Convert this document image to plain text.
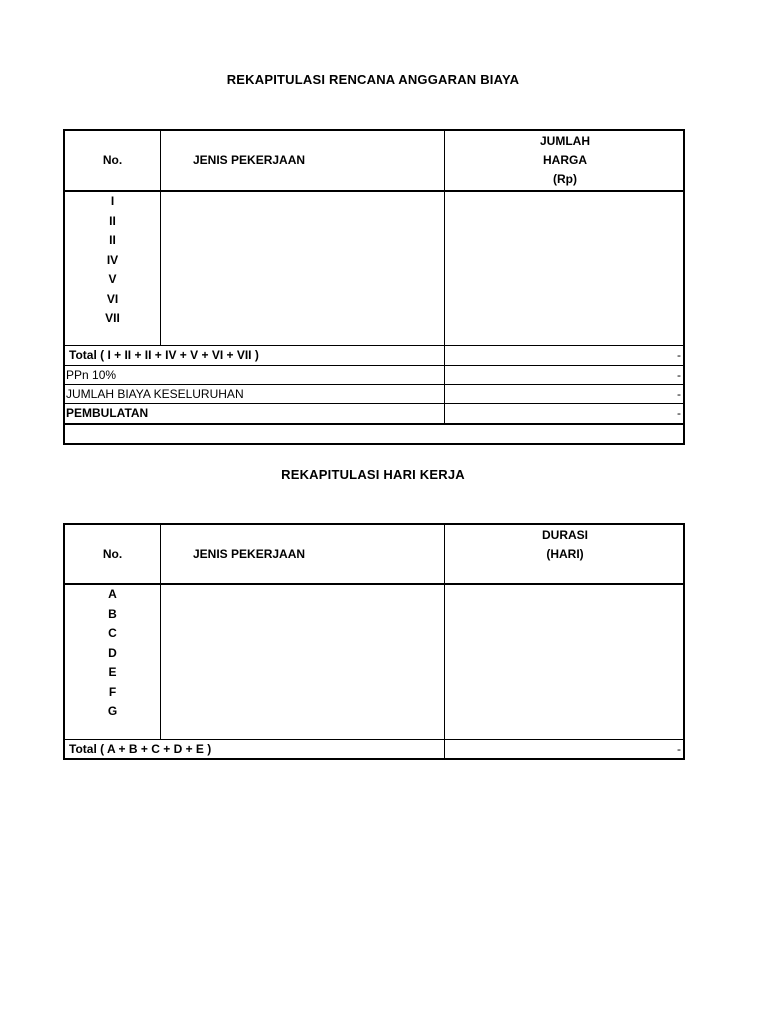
REKAPITULASI RENCANA ANGGARAN BIAYA
No.	JENIS PEKERJAAN
JUMLAH
HARGA
(Rp)
I
II
II
IV
V
VI
VII
Total ( I + II + II + IV + V + VI + VII )	-
PPn 10%	-
JUMLAH BIAYA KESELURUHAN	-
PEMBULATAN	-
REKAPITULASI HARI KERJA
No.	JENIS PEKERJAAN
DURASI
(HARI)
A
B
C
D
E
F
G
Total ( A + B + C + D + E )	-
